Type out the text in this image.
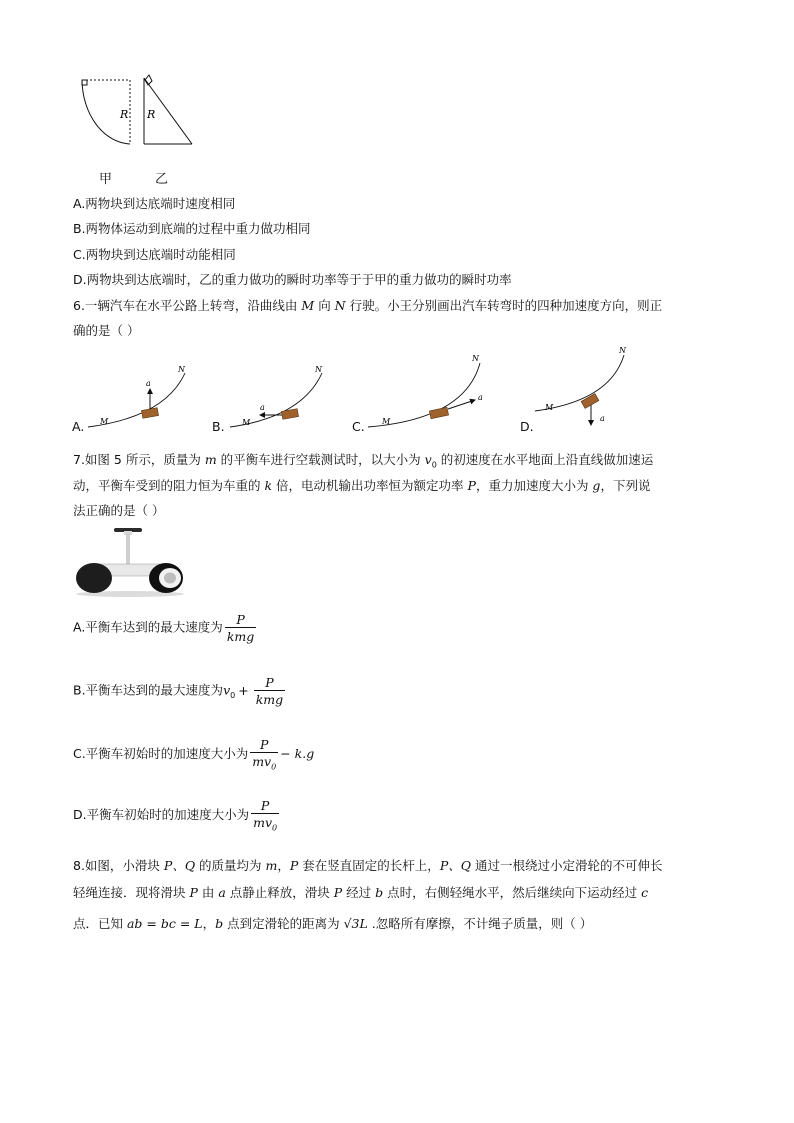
R R
甲	乙
A.两物块到达底端时速度相同
B.两物体运动到底端的过程中重力做功相同
C.两物块到达底端时动能相同
D.两物块到达底端时，乙的重力做功的瞬时功率等于于甲的重力做功的瞬时功率
6.一辆汽车在水平公路上转弯，沿曲线由 M 向 N 行驶。小王分别画出汽车转弯时的四种加速度方向，则正
确的是（ ）
a
M
N
a
M
N
a
M
N
a
M
N
A.	B.	C.	D.
7.如图 5 所示，质量为 m 的平衡车进行空载测试时，以大小为 $v_0$ 的初速度在水平地面上沿直线做加速运
动，平衡车受到的阻力恒为车重的 k 倍，电动机输出功率恒为额定功率 P，重力加速度大小为 g，下列说
法正确的是（ ）
A.平衡车达到的最大速度为 $\frac{P}{\text{kmg}}$
B.平衡车达到的最大速度为$v_0 + \frac{P}{\text{kmg}}$
C.平衡车初始时的加速度大小为 $\frac{P}{mv_0} - k.g$
D.平衡车初始时的加速度大小为 $\frac{P}{mv_0}$
8.如图，小滑块 P、Q 的质量均为 m，P 套在竖直固定的长杆上，P、Q 通过一根绕过小定滑轮的不可伸长
轻绳连接．现将滑块 P 由 a 点静止释放，滑块 P 经过 b 点时，右侧轻绳水平，然后继续向下运动经过 c
点．已知 ab = bc = L，b 点到定滑轮的距离为 √3L .忽略所有摩擦，不计绳子质量，则（ ）
